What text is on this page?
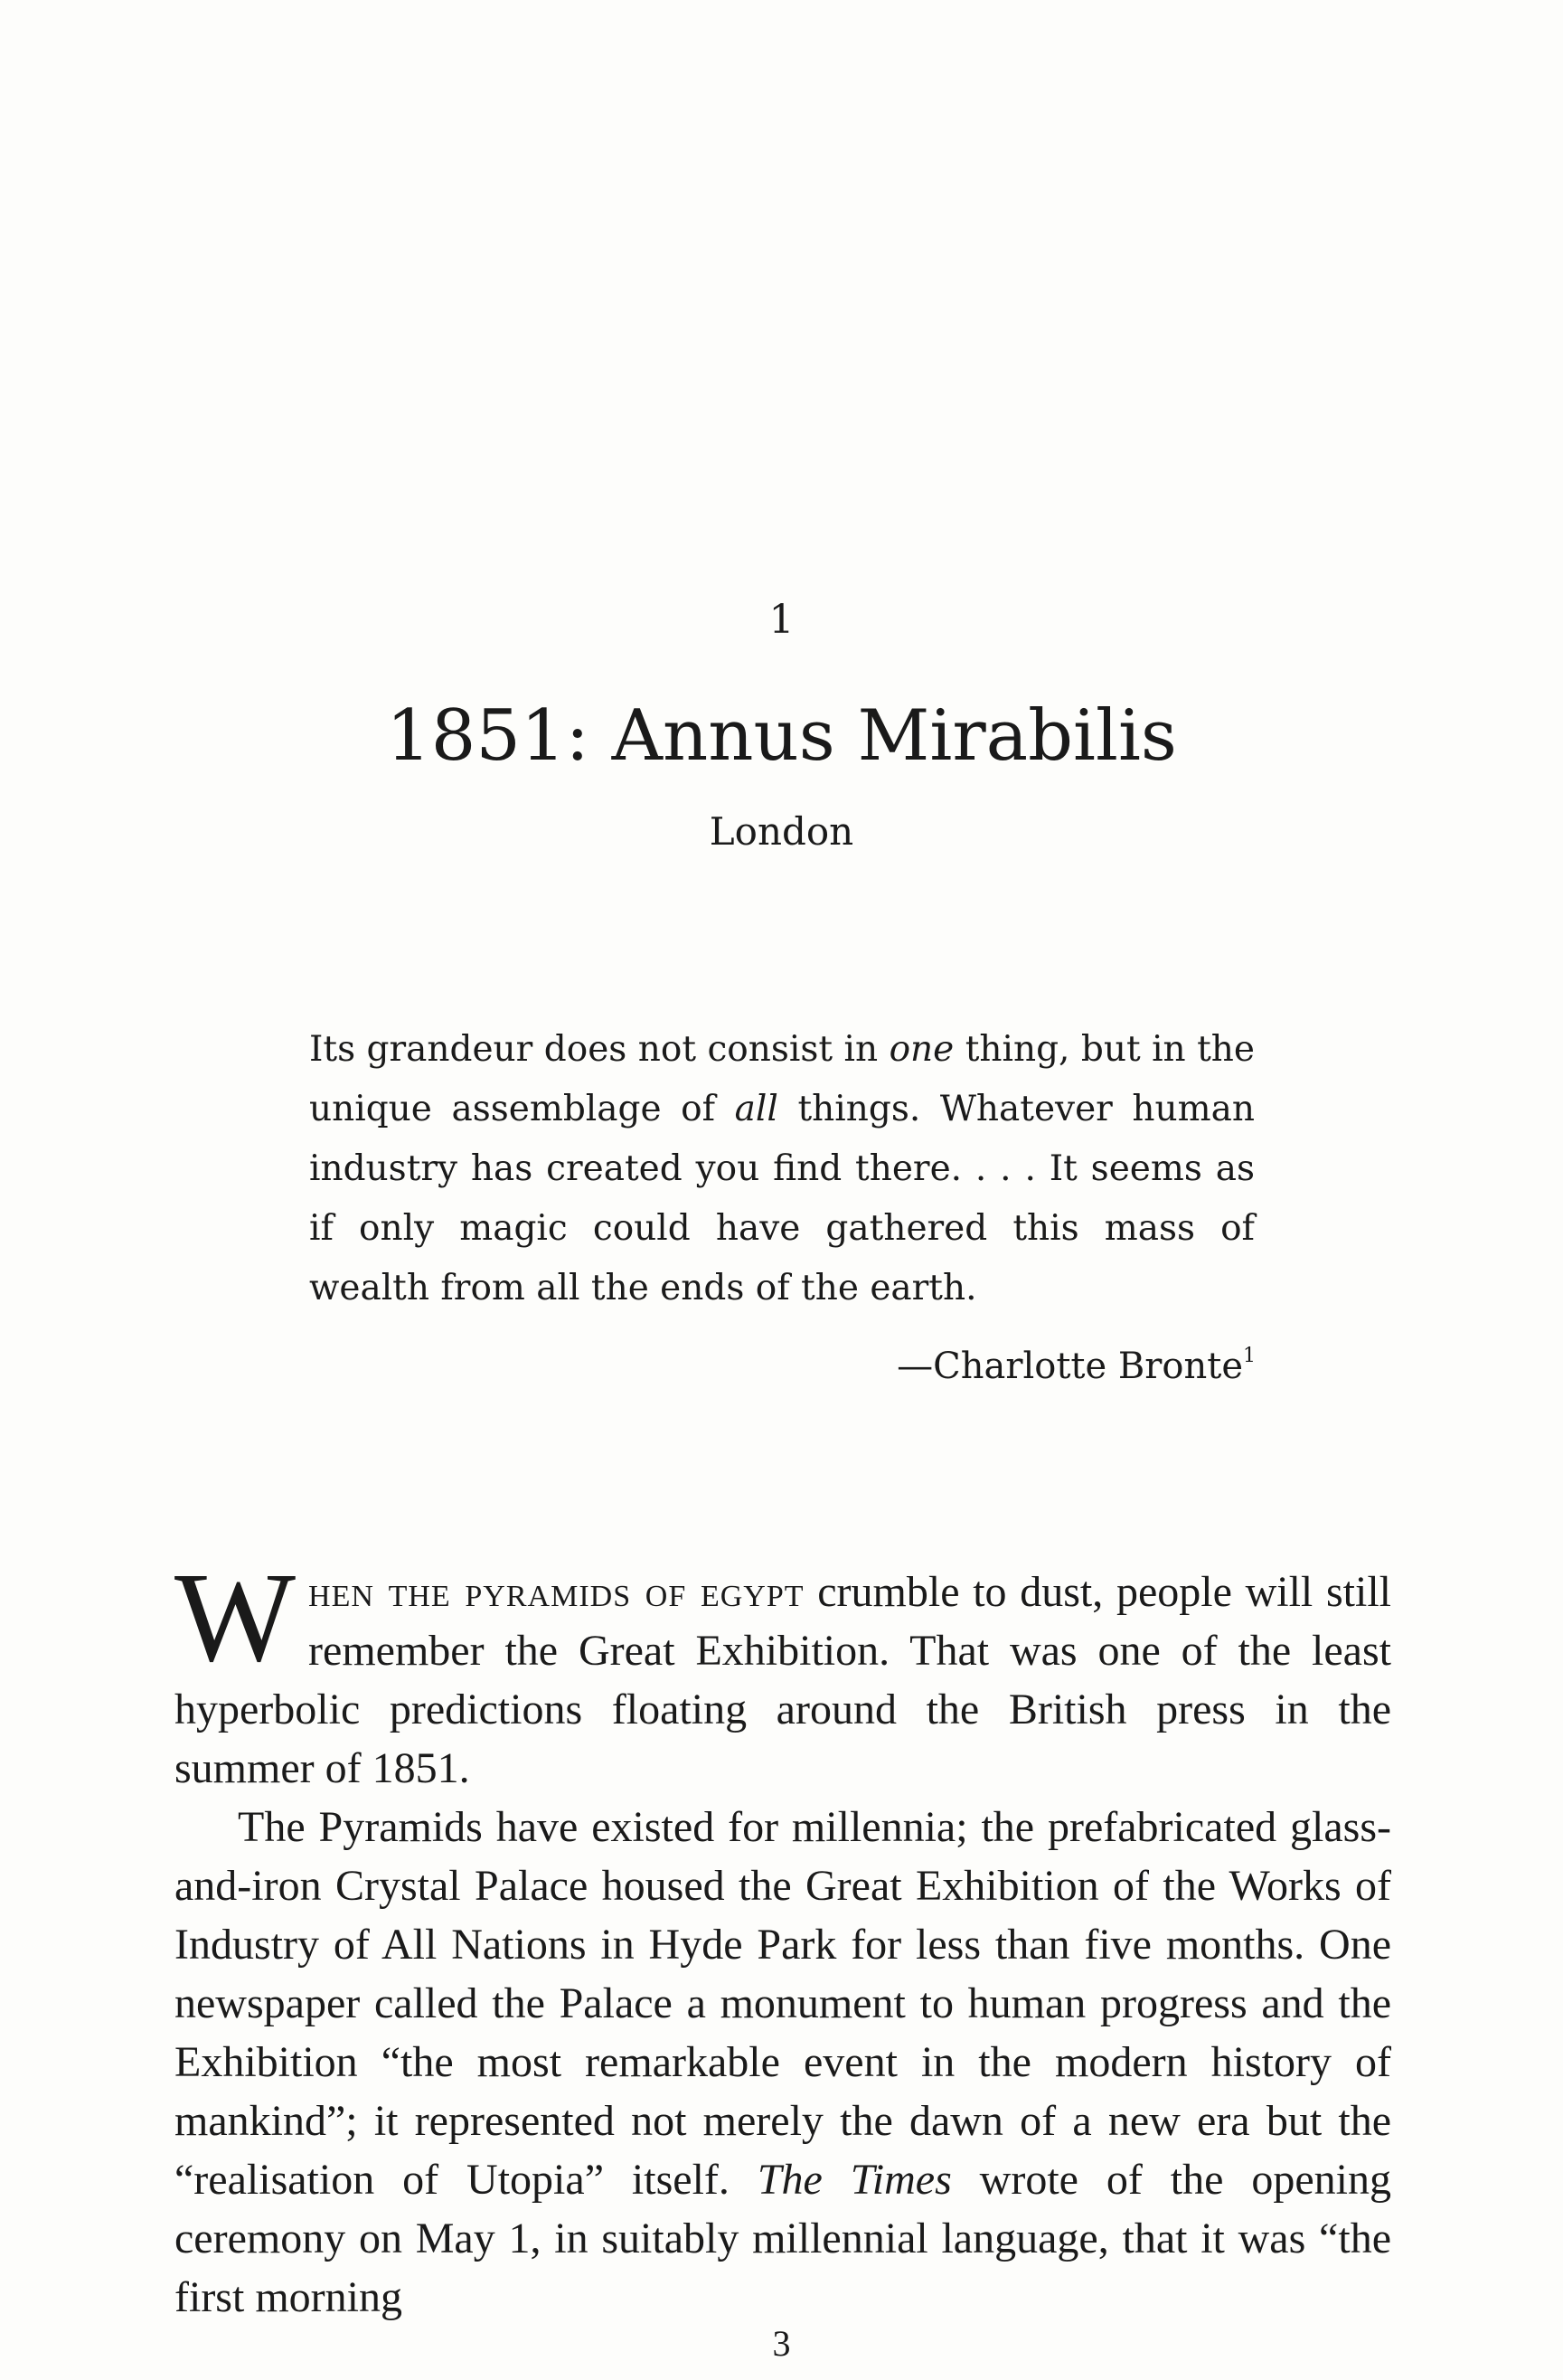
1
1851: Annus Mirabilis
London

Its grandeur does not consist in one thing, but in the unique assemblage of all things. Whatever human industry has created you find there. . . . It seems as if only magic could have gathered this mass of wealth from all the ends of the earth.

—Charlotte Bronte$^1$

When the pyramids of egypt crumble to dust, people will still remember the Great Exhibition. That was one of the least hyperbolic predictions floating around the British press in the summer of 1851.

The Pyramids have existed for millennia; the prefabricated glass-and-iron Crystal Palace housed the Great Exhibition of the Works of Industry of All Nations in Hyde Park for less than five months. One newspaper called the Palace a monument to human progress and the Exhibition “the most remarkable event in the modern history of mankind”; it represented not merely the dawn of a new era but the “realisation of Utopia” itself. The Times wrote of the opening ceremony on May 1, in suitably millennial language, that it was “the first morning

3
